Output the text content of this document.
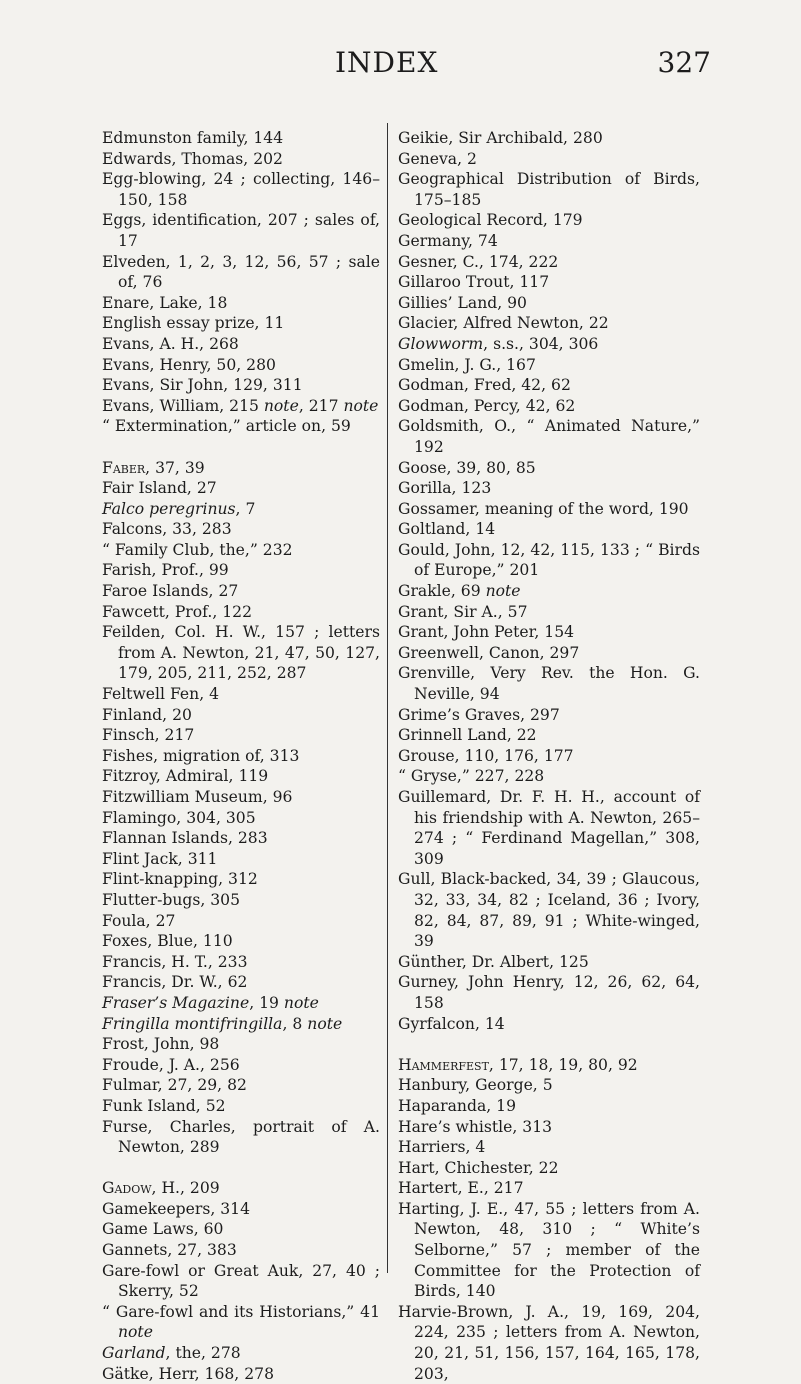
INDEX	327
Edmunston family, 144
Edwards, Thomas, 202
Egg-blowing, 24 ; collecting, 146–150, 158
Eggs, identification, 207 ; sales of, 17
Elveden, 1, 2, 3, 12, 56, 57 ; sale of, 76
Enare, Lake, 18
English essay prize, 11
Evans, A. H., 268
Evans, Henry, 50, 280
Evans, Sir John, 129, 311
Evans, William, 215 note, 217 note
“ Extermination,” article on, 59
Faber, 37, 39
Fair Island, 27
Falco peregrinus, 7
Falcons, 33, 283
“ Family Club, the,” 232
Farish, Prof., 99
Faroe Islands, 27
Fawcett, Prof., 122
Feilden, Col. H. W., 157 ; letters from A. Newton, 21, 47, 50, 127, 179, 205, 211, 252, 287
Feltwell Fen, 4
Finland, 20
Finsch, 217
Fishes, migration of, 313
Fitzroy, Admiral, 119
Fitzwilliam Museum, 96
Flamingo, 304, 305
Flannan Islands, 283
Flint Jack, 311
Flint-knapping, 312
Flutter-bugs, 305
Foula, 27
Foxes, Blue, 110
Francis, H. T., 233
Francis, Dr. W., 62
Fraser’s Magazine, 19 note
Fringilla montifringilla, 8 note
Frost, John, 98
Froude, J. A., 256
Fulmar, 27, 29, 82
Funk Island, 52
Furse, Charles, portrait of A. Newton, 289
Gadow, H., 209
Gamekeepers, 314
Game Laws, 60
Gannets, 27, 383
Gare-fowl or Great Auk, 27, 40 ; Skerry, 52
“ Gare-fowl and its Historians,” 41 note
Garland, the, 278
Gätke, Herr, 168, 278
Geikie, Sir Archibald, 280
Geneva, 2
Geographical Distribution of Birds, 175–185
Geological Record, 179
Germany, 74
Gesner, C., 174, 222
Gillaroo Trout, 117
Gillies’ Land, 90
Glacier, Alfred Newton, 22
Glowworm, s.s., 304, 306
Gmelin, J. G., 167
Godman, Fred, 42, 62
Godman, Percy, 42, 62
Goldsmith, O., “ Animated Nature,” 192
Goose, 39, 80, 85
Gorilla, 123
Gossamer, meaning of the word, 190
Goltland, 14
Gould, John, 12, 42, 115, 133 ; “ Birds of Europe,” 201
Grakle, 69 note
Grant, Sir A., 57
Grant, John Peter, 154
Greenwell, Canon, 297
Grenville, Very Rev. the Hon. G. Neville, 94
Grime’s Graves, 297
Grinnell Land, 22
Grouse, 110, 176, 177
“ Gryse,” 227, 228
Guillemard, Dr. F. H. H., account of his friendship with A. Newton, 265–274 ; “ Ferdinand Magellan,” 308, 309
Gull, Black-backed, 34, 39 ; Glaucous, 32, 33, 34, 82 ; Iceland, 36 ; Ivory, 82, 84, 87, 89, 91 ; White-winged, 39
Günther, Dr. Albert, 125
Gurney, John Henry, 12, 26, 62, 64, 158
Gyrfalcon, 14
Hammerfest, 17, 18, 19, 80, 92
Hanbury, George, 5
Haparanda, 19
Hare’s whistle, 313
Harriers, 4
Hart, Chichester, 22
Hartert, E., 217
Harting, J. E., 47, 55 ; letters from A. Newton, 48, 310 ; “ White’s Selborne,” 57 ; member of the Committee for the Protection of Birds, 140
Harvie-Brown, J. A., 19, 169, 204, 224, 235 ; letters from A. Newton, 20, 21, 51, 156, 157, 164, 165, 178, 203,
